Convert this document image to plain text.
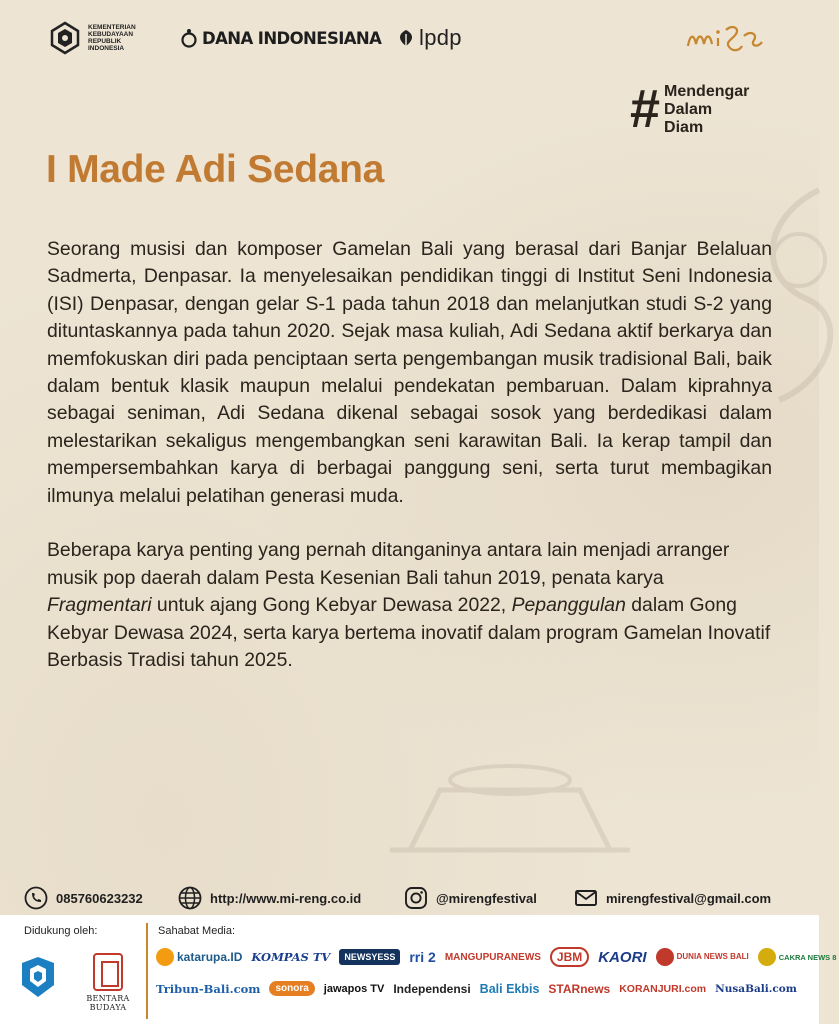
KEMENTERIAN
KEBUDAYAAN
REPUBLIK
INDONESIA
DANA INDONESIANA lpdp
# Mendengar
Dalam
Diam
I Made Adi Sedana

Seorang musisi dan komposer Gamelan Bali yang berasal dari Banjar Belaluan Sadmerta, Denpasar. Ia menyelesaikan pendidikan tinggi di Institut Seni Indonesia (ISI) Denpasar, dengan gelar S-1 pada tahun 2018 dan melanjutkan studi S-2 yang dituntaskannya pada tahun 2020. Sejak masa kuliah, Adi Sedana aktif berkarya dan memfokuskan diri pada penciptaan serta pengembangan musik tradisional Bali, baik dalam bentuk klasik maupun melalui pendekatan pembaruan. Dalam kiprahnya sebagai seniman, Adi Sedana dikenal sebagai sosok yang berdedikasi dalam melestarikan sekaligus mengembangkan seni karawitan Bali. Ia kerap tampil dan mempersembahkan karya di berbagai panggung seni, serta turut membagikan ilmunya melalui pelatihan generasi muda.

Beberapa karya penting yang pernah ditanganinya antara lain menjadi arranger musik pop daerah dalam Pesta Kesenian Bali tahun 2019, penata karya Fragmentari untuk ajang Gong Kebyar Dewasa 2022, Pepanggulan dalam Gong Kebyar Dewasa 2024, serta karya bertema inovatif dalam program Gamelan Inovatif Berbasis Tradisi tahun 2025.

085760623232	http://www.mi-reng.co.id	@mirengfestival	mirengfestival@gmail.com
Didukung oleh:	Sahabat Media:
BENTARA BUDAYA
katarupa.ID KOMPAS TV	NEWSYESS	rri 2 MANGUPURANEWS	JBM	KAORI	DUNIA NEWS BALI	CAKRA NEWS 8
Tribun-Bali.com	sonora	jawapos TV Independensi Bali Ekbis STARnews KORANJURI.com NusaBali.com
